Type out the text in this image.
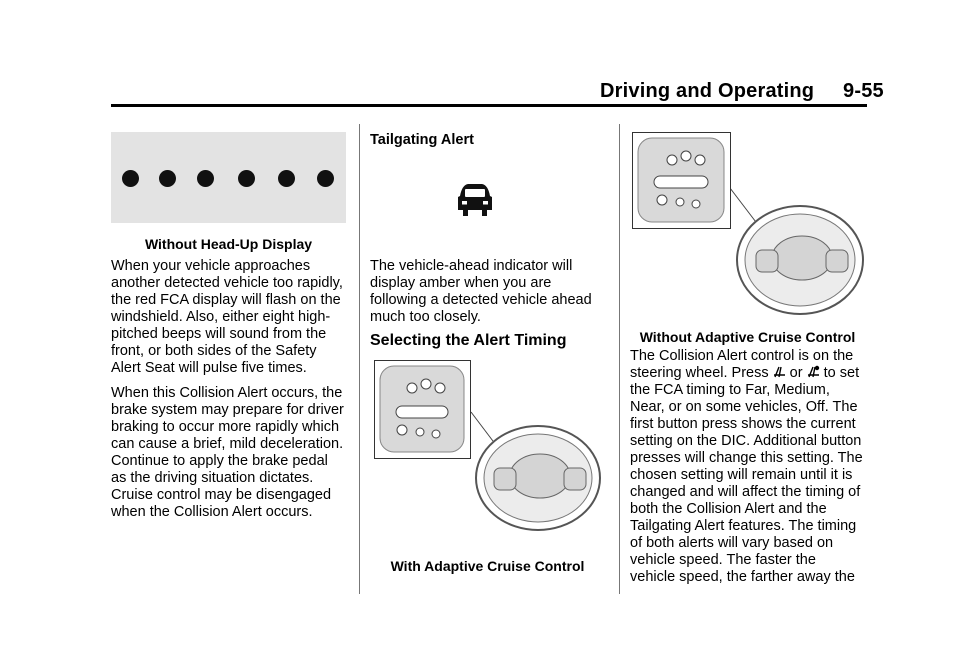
Driving and Operating 9-55
Without Head-Up Display

When your vehicle approaches another detected vehicle too rapidly, the red FCA display will flash on the windshield. Also, either eight high-pitched beeps will sound from the front, or both sides of the Safety Alert Seat will pulse five times.

When this Collision Alert occurs, the brake system may prepare for driver braking to occur more rapidly which can cause a brief, mild deceleration. Continue to apply the brake pedal as the driving situation dictates. Cruise control may be disengaged when the Collision Alert occurs.

Tailgating Alert

The vehicle-ahead indicator will display amber when you are following a detected vehicle ahead much too closely.

Selecting the Alert Timing
With Adaptive Cruise Control
Without Adaptive Cruise Control

The Collision Alert control is on the steering wheel. Press  or  to set the FCA timing to Far, Medium, Near, or on some vehicles, Off. The first button press shows the current setting on the DIC. Additional button presses will change this setting. The chosen setting will remain until it is changed and will affect the timing of both the Collision Alert and the Tailgating Alert features. The timing of both alerts will vary based on vehicle speed. The faster the vehicle speed, the farther away the
